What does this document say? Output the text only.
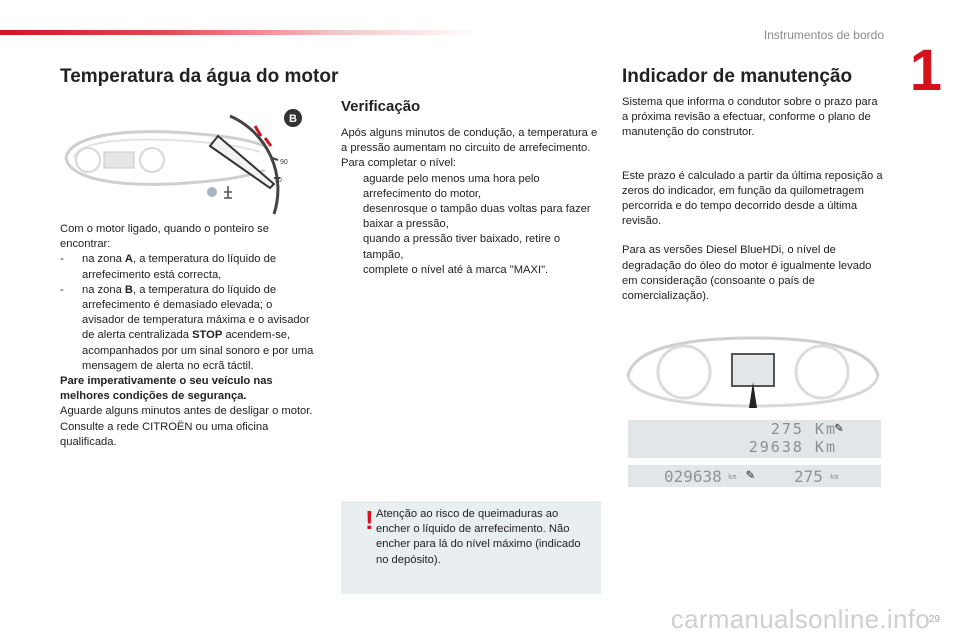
Instrumentos de bordo
1
Temperatura da água do motor
B
90
70

Com o motor ligado, quando o ponteiro se encontrar:

- na zona A, a temperatura do líquido de arrefecimento está correcta,
- na zona B, a temperatura do líquido de arrefecimento é demasiado elevada; o avisador de temperatura máxima e o avisador de alerta centralizada STOP acendem-se, acompanhados por um sinal sonoro e por uma mensagem de alerta no ecrã táctil.

Pare imperativamente o seu veículo nas melhores condições de segurança.

Aguarde alguns minutos antes de desligar o motor.

Consulte a rede CITROËN ou uma oficina qualificada.

Verificação

Após alguns minutos de condução, a temperatura e a pressão aumentam no circuito de arrefecimento.

Para completar o nível:

aguarde pelo menos uma hora pelo arrefecimento do motor,
desenrosque o tampão duas voltas para fazer baixar a pressão,
quando a pressão tiver baixado, retire o tampão,
complete o nível até à marca "MAXI".
! Atenção ao risco de queimaduras ao encher o líquido de arrefecimento. Não encher para lá do nível máximo (indicado no depósito).
Indicador de manutenção

Sistema que informa o condutor sobre o prazo para a próxima revisão a efectuar, conforme o plano de manutenção do construtor.

Este prazo é calculado a partir da última reposição a zeros do indicador, em função da quilometragem percorrida e do tempo decorrido desde a última revisão.

Para as versões Diesel BlueHDi, o nível de degradação do óleo do motor é igualmente levado em consideração (consoante o país de comercialização).

275 Km
29638 Km
✎
029638 km ✎ 275 km
29
carmanualsonline.info
